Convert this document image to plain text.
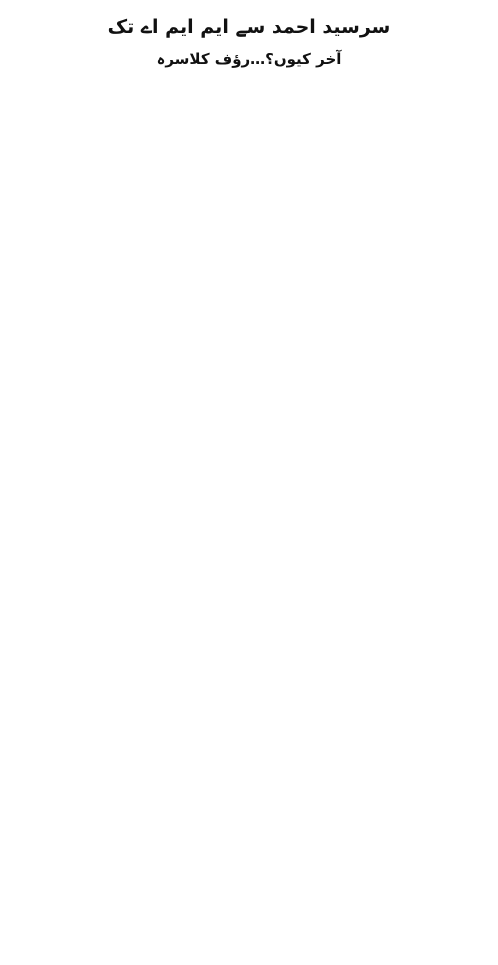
سرسید احمد سے ایم ایم اے تک
آخر کیوں؟…رؤف کلاسرہ
